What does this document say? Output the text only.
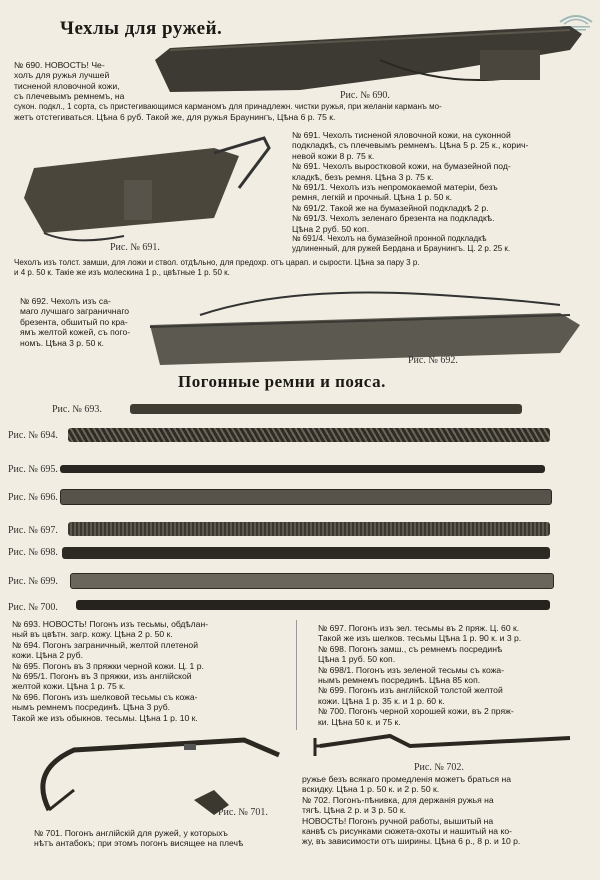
Чехлы для ружей.
Рис. № 690.
№ 690. НОВОСТЬ! Че-
холъ для ружья лучшей
тисненой яловочной кожи,
съ плечевымъ ремнемъ, на
сукон. подкл., 1 сорта, съ пристегивающимся карманомъ для принадлежн. чистки ружья, при желаніи карманъ мо-
жетъ отстегиваться. Цѣна 6 руб. Такой же, для ружья Браунингъ, Цѣна 6 р. 75 к.
Рис. № 691.
№ 691. Чехолъ тисненой яловочной кожи, на суконной
подкладкѣ, съ плечевымъ ремнемъ. Цѣна 5 р. 25 к., корич-
невой кожи 8 р. 75 к.
№ 691. Чехолъ выростковой кожи, на бумазейной под-
кладкѣ, безъ ремня. Цѣна 3 р. 75 к.
№ 691/1. Чехолъ изъ непромокаемой матеріи, безъ
ремня, легкій и прочный. Цѣна 1 р. 50 к.
№ 691/2. Такой же на бумазейной подкладкѣ 2 р.
№ 691/3. Чехолъ зеленаго брезента на подкладкѣ.
Цѣна 2 руб. 50 коп.
№ 691/4. Чехолъ на бумазейной пронной подкладкѣ
удлиненный, для ружей Бердана и Браунингъ. Ц. 2 р. 25 к.
Чехолъ изъ толст. замши, для ложи и ствол. отдѣльно, для предохр. отъ царап. и сырости. Цѣна за пару 3 р.
и 4 р. 50 к. Такіе же изъ молескина 1 р., цвѣтные 1 р. 50 к.
Рис. № 692.
№ 692. Чехолъ изъ са-
маго лучшаго заграничнаго
брезента, обшитый по кра-
ямъ желтой кожей, съ пого-
номъ. Цѣна 3 р. 50 к.
Погонные ремни и пояса.
Рис. № 693.
Рис. № 694.
Рис. № 695.
Рис. № 696.
Рис. № 697.
Рис. № 698.
Рис. № 699.
Рис. № 700.
№ 693. НОВОСТЬ! Погонъ изъ тесьмы, обдѣлан-
ный въ цвѣтн. загр. кожу. Цѣна 2 р. 50 к.
№ 694. Погонъ заграничный, желтой плетеной
кожи. Цѣна 2 руб.
№ 695. Погонъ въ 3 пряжки черной кожи. Ц. 1 р.
№ 695/1. Погонъ въ 3 пряжки, изъ англійской
желтой кожи. Цѣна 1 р. 75 к.
№ 696. Погонъ изъ шелковой тесьмы съ кожа-
нымъ ремнемъ посрединѣ. Цѣна 3 руб.
Такой же изъ обыкнов. тесьмы. Цѣна 1 р. 10 к.
№ 697. Погонъ изъ зел. тесьмы въ 2 пряж. Ц. 60 к.
Такой же изъ шелков. тесьмы Цѣна 1 р. 90 к. и 3 р.
№ 698. Погонъ замш., съ ремнемъ посрединѣ
Цѣна 1 руб. 50 коп.
№ 698/1. Погонъ изъ зеленой тесьмы съ кожа-
нымъ ремнемъ посрединѣ. Цѣна 85 коп.
№ 699. Погонъ изъ англійской толстой желтой
кожи. Цѣна 1 р. 35 к. и 1 р. 60 к.
№ 700. Погонъ черной хорошей кожи, въ 2 пряж-
ки. Цѣна 50 к. и 75 к.
Рис. № 701.
Рис. № 702.
ружье безъ всякаго промедленія можетъ браться на
вскидку. Цѣна 1 р. 50 к. и 2 р. 50 к.
№ 702. Погонъ-пѣнивка, для держанія ружья на
тягѣ. Цѣна 2 р. и 3 р. 50 к.
НОВОСТЬ! Погонъ ручной работы, вышитый на
канвѣ съ рисунками сюжета-охоты и нашитый на ко-
жу, въ зависимости отъ ширины. Цѣна 6 р., 8 р. и 10 р.
№ 701. Погонъ англійскій для ружей, у которыхъ
нѣтъ антабокъ; при этомъ погонъ висящее на плечѣ
